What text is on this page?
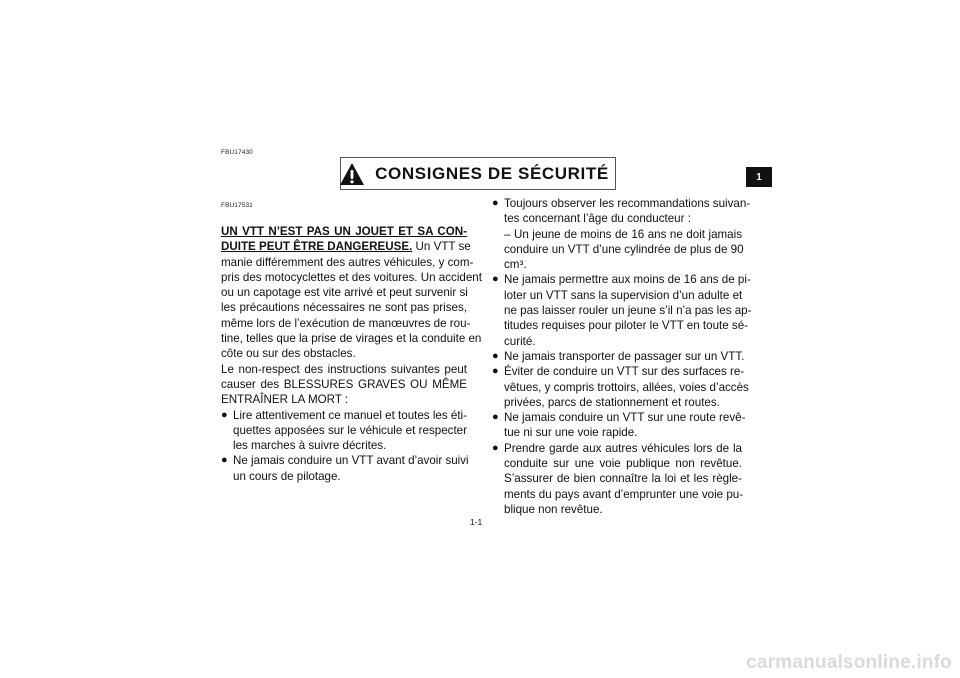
FBU17430
CONSIGNES DE SÉCURITÉ	1
FBU17531
UN VTT N’EST PAS UN JOUET ET SA CON-
DUITE PEUT ÊTRE DANGEREUSE. Un VTT se
manie différemment des autres véhicules, y com-
pris des motocyclettes et des voitures. Un accident
ou un capotage est vite arrivé et peut survenir si
les précautions nécessaires ne sont pas prises,
même lors de l’exécution de manœuvres de rou-
tine, telles que la prise de virages et la conduite en
côte ou sur des obstacles.
Le non-respect des instructions suivantes peut
causer des BLESSURES GRAVES OU MÊME
ENTRAÎNER LA MORT :
● Lire attentivement ce manuel et toutes les éti-
quettes apposées sur le véhicule et respecter
les marches à suivre décrites.
● Ne jamais conduire un VTT avant d’avoir suivi
un cours de pilotage.
● Toujours observer les recommandations suivan-
tes concernant l’âge du conducteur :
– Un jeune de moins de 16 ans ne doit jamais
conduire un VTT d’une cylindrée de plus de 90
cm³.
● Ne jamais permettre aux moins de 16 ans de pi-
loter un VTT sans la supervision d’un adulte et
ne pas laisser rouler un jeune s’il n’a pas les ap-
titudes requises pour piloter le VTT en toute sé-
curité.
● Ne jamais transporter de passager sur un VTT.
● Éviter de conduire un VTT sur des surfaces re-
vêtues, y compris trottoirs, allées, voies d’accès
privées, parcs de stationnement et routes.
● Ne jamais conduire un VTT sur une route revê-
tue ni sur une voie rapide.
● Prendre garde aux autres véhicules lors de la
conduite sur une voie publique non revêtue.
S’assurer de bien connaître la loi et les règle-
ments du pays avant d’emprunter une voie pu-
blique non revêtue.
1-1
carmanualsonline.info
